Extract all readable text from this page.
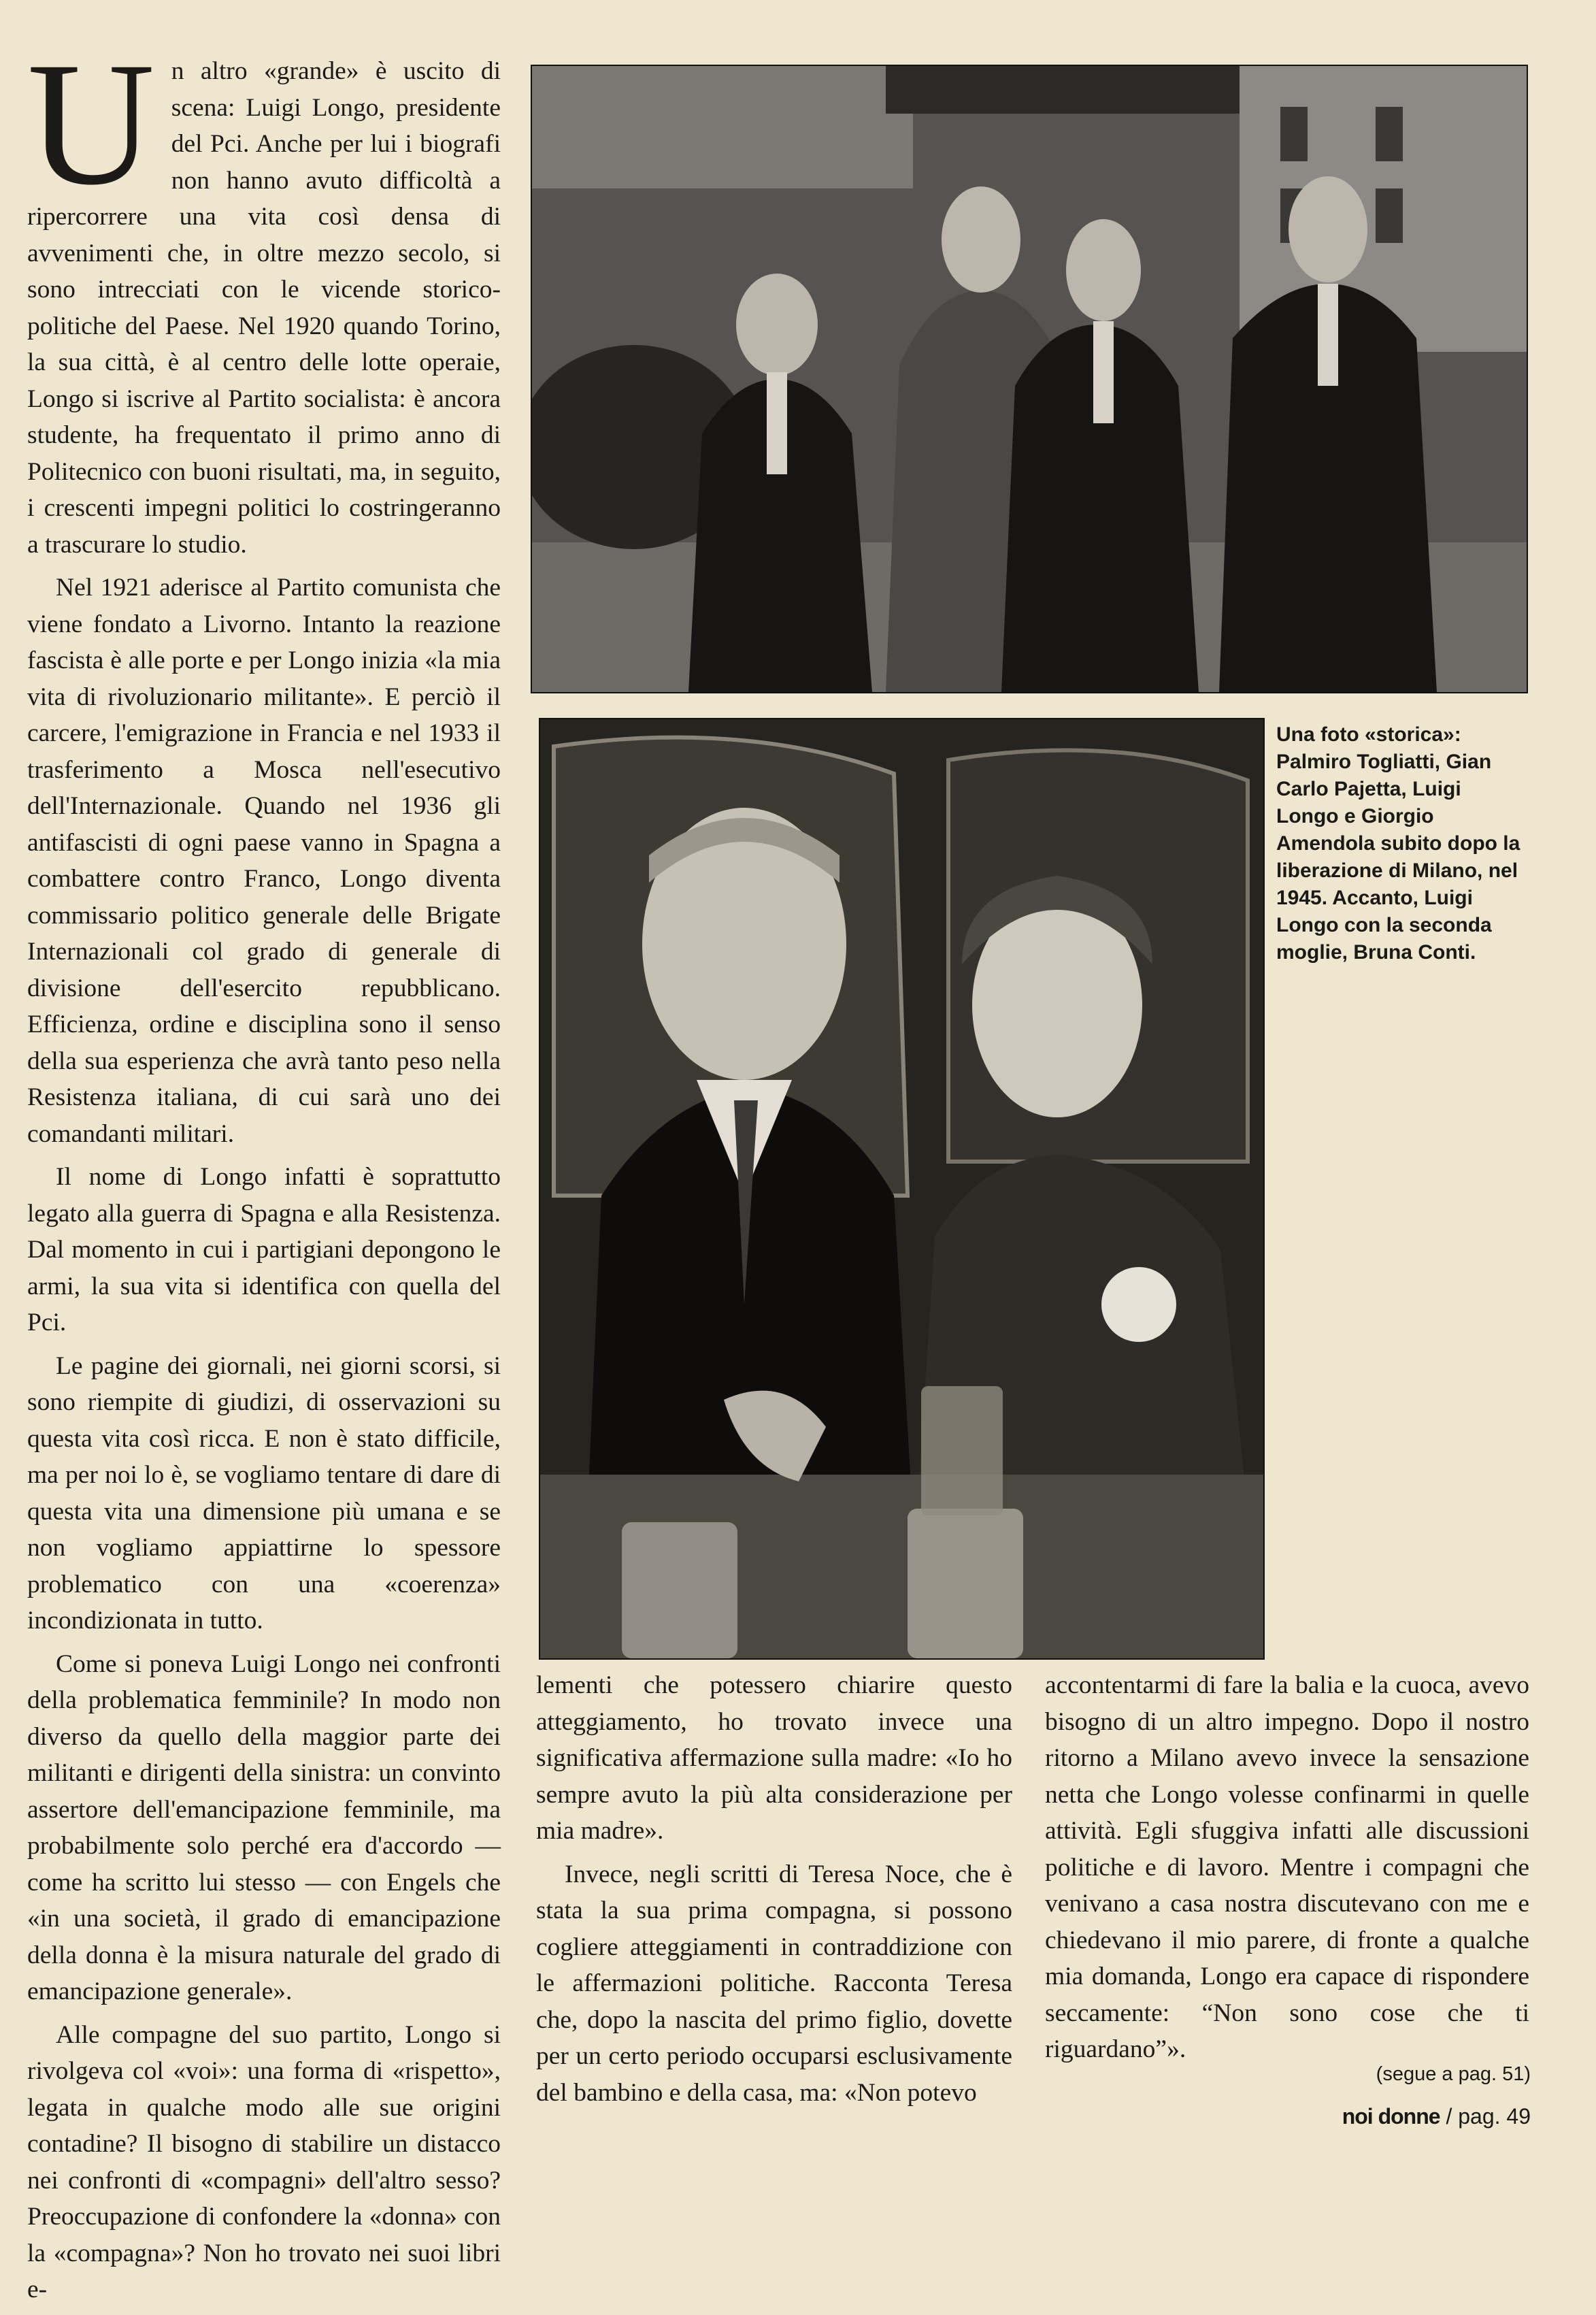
Un altro «grande» è uscito di scena: Luigi Longo, presidente del Pci. Anche per lui i biografi non hanno avuto difficoltà a ripercorrere una vita così densa di avvenimenti che, in oltre mezzo secolo, si sono intrecciati con le vicende storico-politiche del Paese. Nel 1920 quando Torino, la sua città, è al centro delle lotte operaie, Longo si iscrive al Partito socialista: è ancora studente, ha frequentato il primo anno di Politecnico con buoni risultati, ma, in seguito, i crescenti impegni politici lo costringeranno a trascurare lo studio.

Nel 1921 aderisce al Partito comunista che viene fondato a Livorno. Intanto la reazione fascista è alle porte e per Longo inizia «la mia vita di rivoluzionario militante». E perciò il carcere, l'emigrazione in Francia e nel 1933 il trasferimento a Mosca nell'esecutivo dell'Internazionale. Quando nel 1936 gli antifascisti di ogni paese vanno in Spagna a combattere contro Franco, Longo diventa commissario politico generale delle Brigate Internazionali col grado di generale di divisione dell'esercito repubblicano. Efficienza, ordine e disciplina sono il senso della sua esperienza che avrà tanto peso nella Resistenza italiana, di cui sarà uno dei comandanti militari.

Il nome di Longo infatti è soprattutto legato alla guerra di Spagna e alla Resistenza. Dal momento in cui i partigiani depongono le armi, la sua vita si identifica con quella del Pci.

Le pagine dei giornali, nei giorni scorsi, si sono riempite di giudizi, di osservazioni su questa vita così ricca. E non è stato difficile, ma per noi lo è, se vogliamo tentare di dare di questa vita una dimensione più umana e se non vogliamo appiattirne lo spessore problematico con una «coerenza» incondizionata in tutto.

Come si poneva Luigi Longo nei confronti della problematica femminile? In modo non diverso da quello della maggior parte dei militanti e dirigenti della sinistra: un convinto assertore dell'emancipazione femminile, ma probabilmente solo perché era d'accordo — come ha scritto lui stesso — con Engels che «in una società, il grado di emancipazione della donna è la misura naturale del grado di emancipazione generale».

Alle compagne del suo partito, Longo si rivolgeva col «voi»: una forma di «rispetto», legata in qualche modo alle sue origini contadine? Il bisogno di stabilire un distacco nei confronti di «compagni» dell'altro sesso? Preoccupazione di confondere la «donna» con la «compagna»? Non ho trovato nei suoi libri e-

Una foto «storica»: Palmiro Togliatti, Gian Carlo Pajetta, Luigi Longo e Giorgio Amendola subito dopo la liberazione di Milano, nel 1945. Accanto, Luigi Longo con la seconda moglie, Bruna Conti.

lementi che potessero chiarire questo atteggiamento, ho trovato invece una significativa affermazione sulla madre: «Io ho sempre avuto la più alta considerazione per mia madre».

Invece, negli scritti di Teresa Noce, che è stata la sua prima compagna, si possono cogliere atteggiamenti in contraddizione con le affermazioni politiche. Racconta Teresa che, dopo la nascita del primo figlio, dovette per un certo periodo occuparsi esclusivamente del bambino e della casa, ma: «Non potevo

accontentarmi di fare la balia e la cuoca, avevo bisogno di un altro impegno. Dopo il nostro ritorno a Milano avevo invece la sensazione netta che Longo volesse confinarmi in quelle attività. Egli sfuggiva infatti alle discussioni politiche e di lavoro. Mentre i compagni che venivano a casa nostra discutevano con me e chiedevano il mio parere, di fronte a qualche mia domanda, Longo era capace di rispondere seccamente: “Non sono cose che ti riguardano”».

(segue a pag. 51)
noi donne / pag. 49
